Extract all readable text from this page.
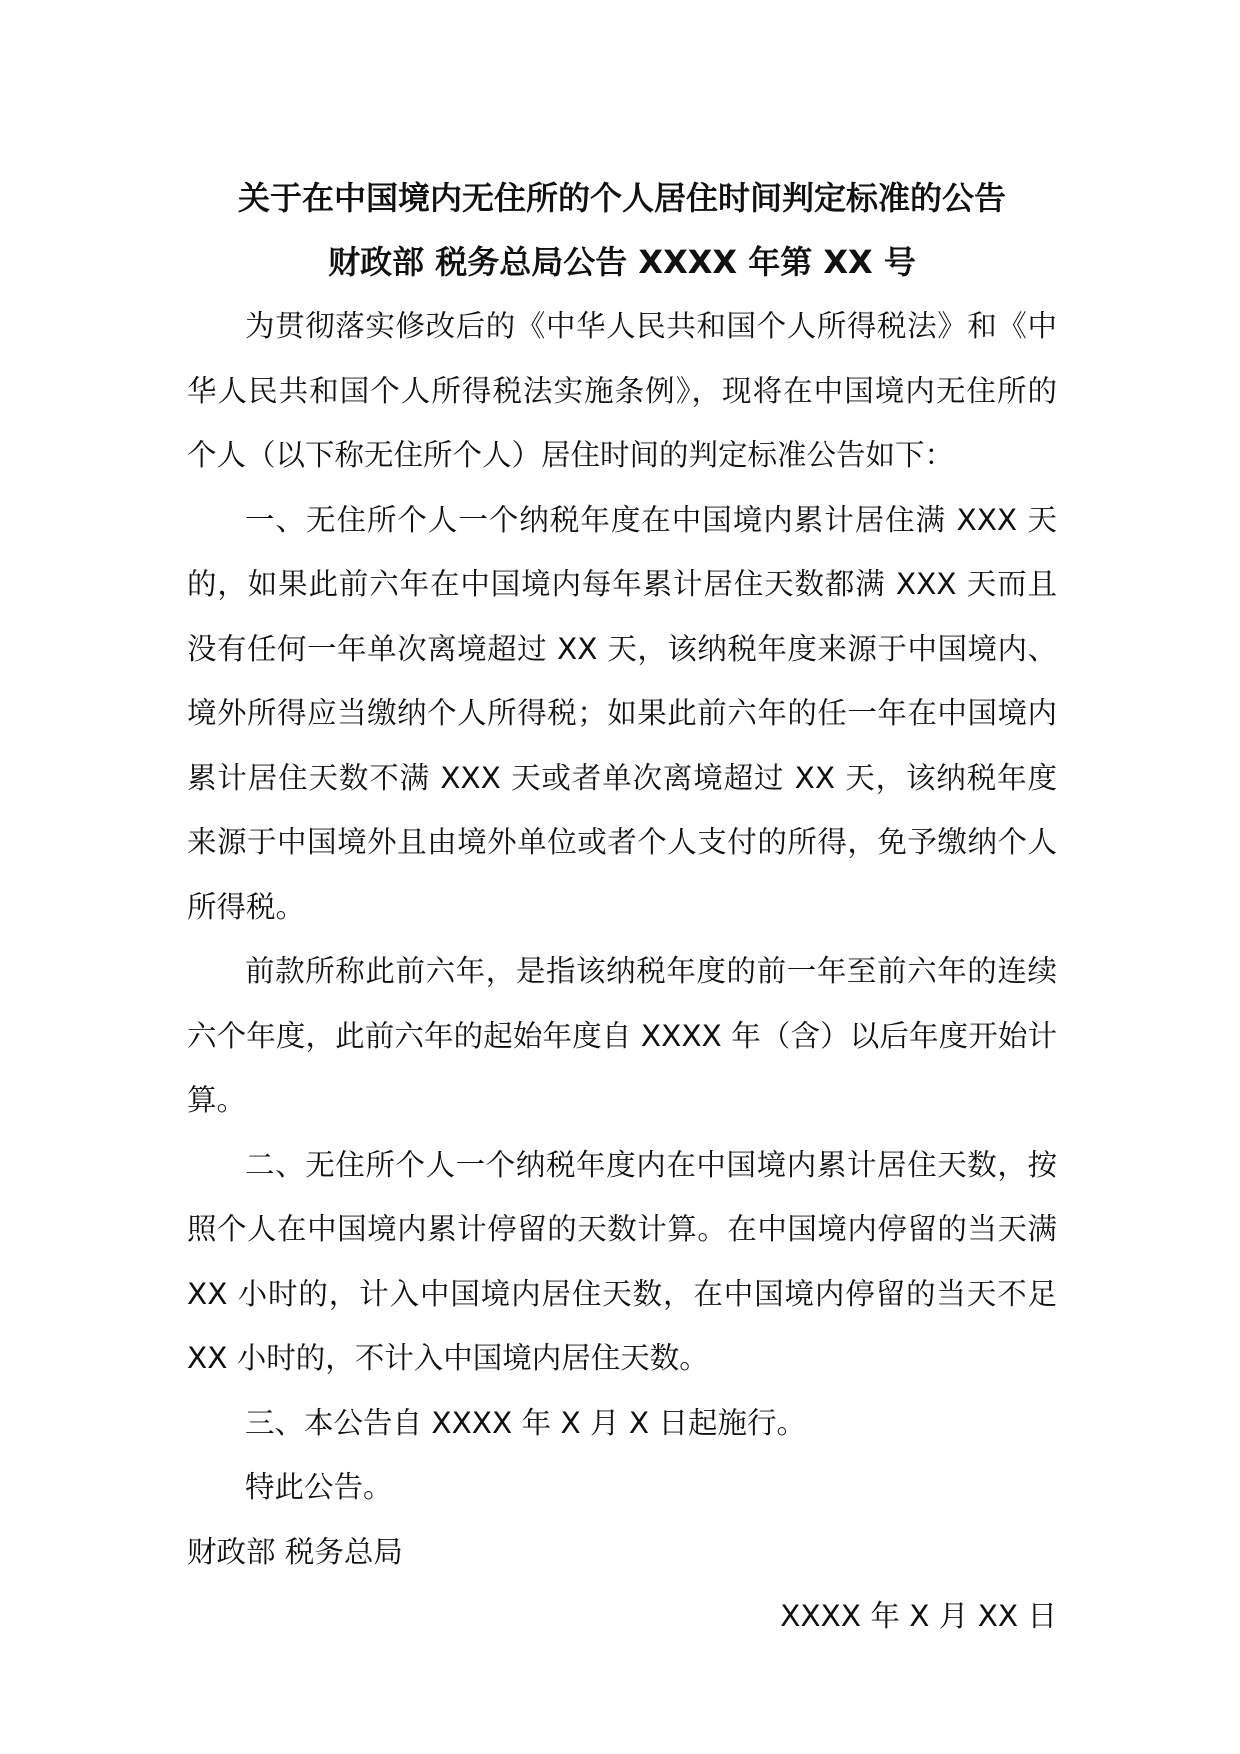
关于在中国境内无住所的个人居住时间判定标准的公告

财政部 税务总局公告 XXXX 年第 XX 号

为贯彻落实修改后的《中华人民共和国个人所得税法》和《中华人民共和国个人所得税法实施条例》，现将在中国境内无住所的个人（以下称无住所个人）居住时间的判定标准公告如下：

一、无住所个人一个纳税年度在中国境内累计居住满 XXX 天的，如果此前六年在中国境内每年累计居住天数都满 XXX 天而且没有任何一年单次离境超过 XX 天，该纳税年度来源于中国境内、境外所得应当缴纳个人所得税；如果此前六年的任一年在中国境内累计居住天数不满 XXX 天或者单次离境超过 XX 天，该纳税年度来源于中国境外且由境外单位或者个人支付的所得，免予缴纳个人所得税。

前款所称此前六年，是指该纳税年度的前一年至前六年的连续六个年度，此前六年的起始年度自 XXXX 年（含）以后年度开始计算。

二、无住所个人一个纳税年度内在中国境内累计居住天数，按照个人在中国境内累计停留的天数计算。在中国境内停留的当天满 XX 小时的，计入中国境内居住天数，在中国境内停留的当天不足 XX 小时的，不计入中国境内居住天数。

三、本公告自 XXXX 年 X 月 X 日起施行。

特此公告。

财政部 税务总局

XXXX 年 X 月 XX 日
